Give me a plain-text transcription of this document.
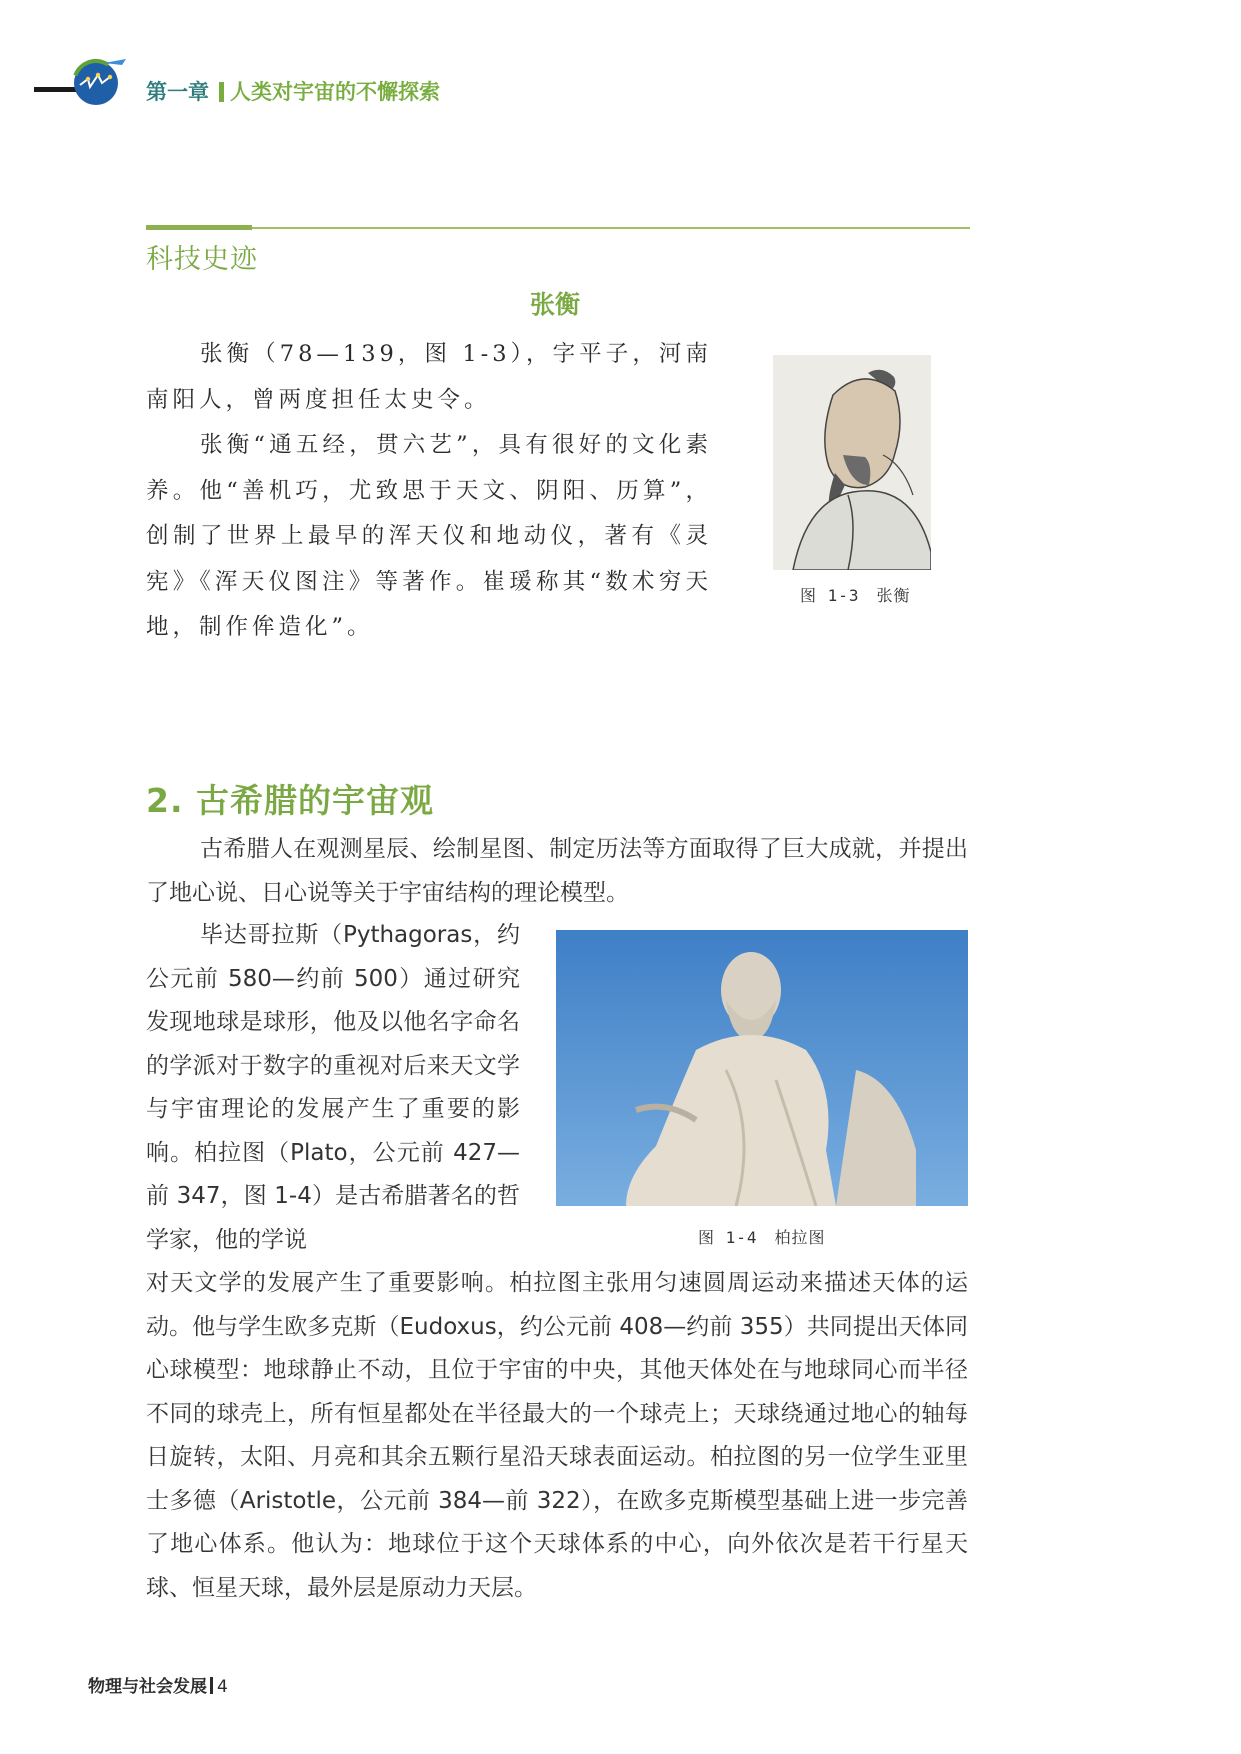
第一章 人类对宇宙的不懈探索
科技史迹
张衡
张衡（78—139，图 1-3），字平子，河南南阳人，曾两度担任太史令。
张衡“通五经，贯六艺”，具有很好的文化素养。他“善机巧，尤致思于天文、阴阳、历算”，创制了世界上最早的浑天仪和地动仪，著有《灵宪》《浑天仪图注》等著作。崔瑗称其“数术穷天地，制作侔造化”。
图 1-3　张衡
2. 古希腊的宇宙观
古希腊人在观测星辰、绘制星图、制定历法等方面取得了巨大成就，并提出了地心说、日心说等关于宇宙结构的理论模型。
毕达哥拉斯（Pythagoras，约公元前 580—约前 500）通过研究发现地球是球形，他及以他名字命名的学派对于数字的重视对后来天文学与宇宙理论的发展产生了重要的影响。柏拉图（Plato，公元前 427—前 347，图 1-4）是古希腊著名的哲学家，他的学说	图 1-4　柏拉图
对天文学的发展产生了重要影响。柏拉图主张用匀速圆周运动来描述天体的运动。他与学生欧多克斯（Eudoxus，约公元前 408—约前 355）共同提出天体同心球模型：地球静止不动，且位于宇宙的中央，其他天体处在与地球同心而半径不同的球壳上，所有恒星都处在半径最大的一个球壳上；天球绕通过地心的轴每日旋转，太阳、月亮和其余五颗行星沿天球表面运动。柏拉图的另一位学生亚里士多德（Aristotle，公元前 384—前 322），在欧多克斯模型基础上进一步完善了地心体系。他认为：地球位于这个天球体系的中心，向外依次是若干行星天球、恒星天球，最外层是原动力天层。
物理与社会发展 4
